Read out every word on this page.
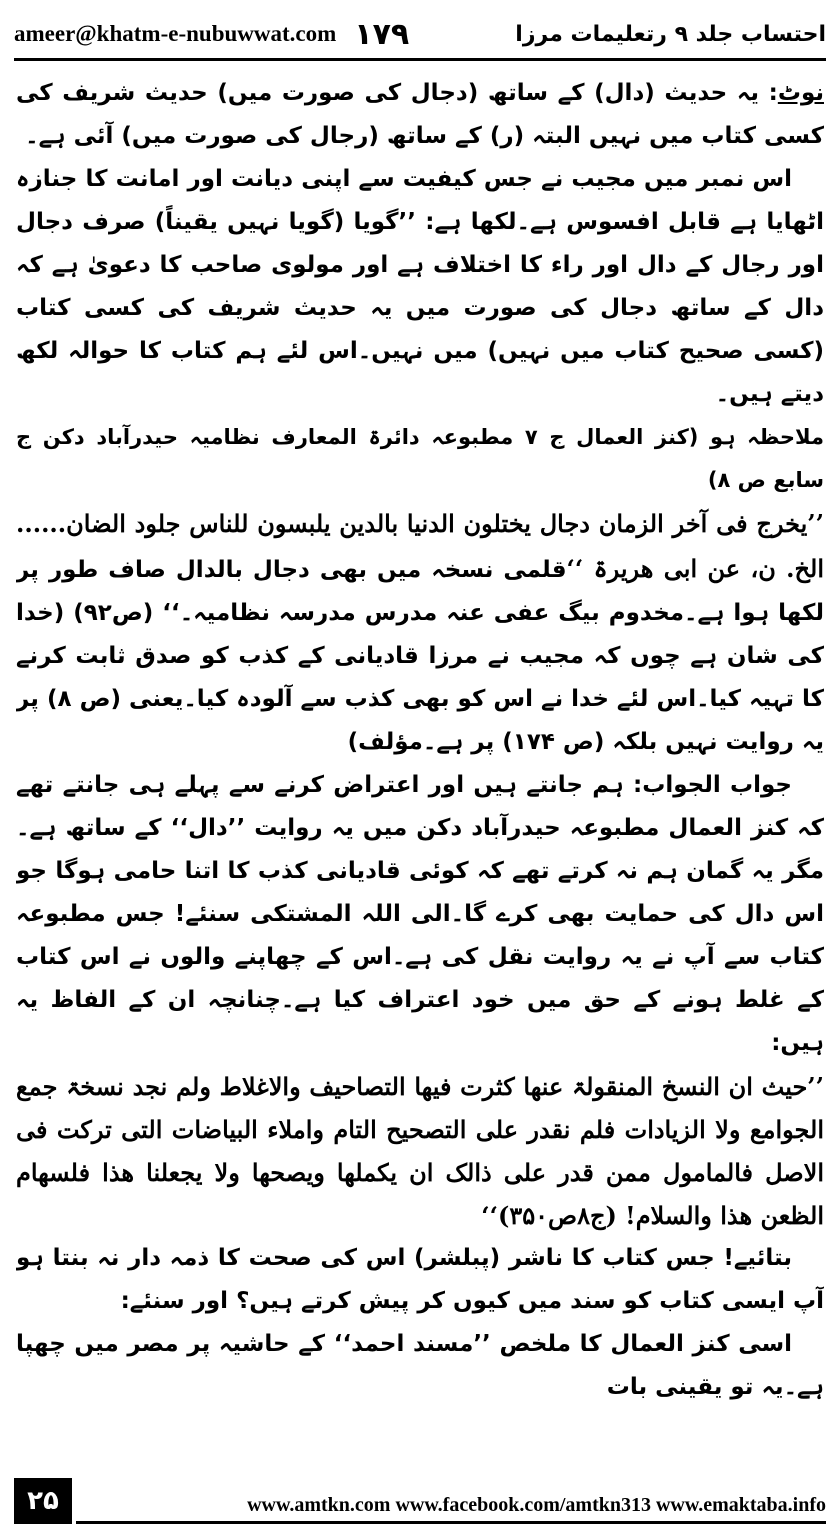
ameer@khatm-e-nubuwwat.com ۱۷۹	احتساب جلد ۹ رتعلیمات مرزا

نوٹ: یہ حدیث (دال) کے ساتھ (دجال کی صورت میں) حدیث شریف کی کسی کتاب میں نہیں البتہ (ر) کے ساتھ (رجال کی صورت میں) آئی ہے۔

اس نمبر میں مجیب نے جس کیفیت سے اپنی دیانت اور امانت کا جنازہ اٹھایا ہے قابل افسوس ہے۔لکھا ہے: ’’گویا (گویا نہیں یقیناً) صرف دجال اور رجال کے دال اور راء کا اختلاف ہے اور مولوی صاحب کا دعویٰ ہے کہ دال کے ساتھ دجال کی صورت میں یہ حدیث شریف کی کسی کتاب (کسی صحیح کتاب میں نہیں) میں نہیں۔اس لئے ہم کتاب کا حوالہ لکھ دیتے ہیں۔

ملاحظہ ہو (کنز العمال ج ۷ مطبوعہ دائرۃ المعارف نظامیہ حیدرآباد دکن ج سابع ص ۸)

’’یخرج فی آخر الزمان دجال یختلون الدنیا بالدین یلبسون للناس جلود الضان...... الخ. ن، عن ابی ھریرۃ ‘‘قلمی نسخہ میں بھی دجال بالدال صاف طور پر لکھا ہوا ہے۔مخدوم بیگ عفی عنہ مدرس مدرسہ نظامیہ۔‘‘ (ص۹۲) (خدا کی شان ہے چوں کہ مجیب نے مرزا قادیانی کے کذب کو صدق ثابت کرنے کا تہیہ کیا۔اس لئے خدا نے اس کو بھی کذب سے آلودہ کیا۔یعنی (ص ۸) پر یہ روایت نہیں بلکہ (ص ۱۷۴) پر ہے۔مؤلف)

جواب الجواب: ہم جانتے ہیں اور اعتراض کرنے سے پہلے ہی جانتے تھے کہ کنز العمال مطبوعہ حیدرآباد دکن میں یہ روایت ’’دال‘‘ کے ساتھ ہے۔مگر یہ گمان ہم نہ کرتے تھے کہ کوئی قادیانی کذب کا اتنا حامی ہوگا جو اس دال کی حمایت بھی کرے گا۔الی اللہ المشتکی سنئے! جس مطبوعہ کتاب سے آپ نے یہ روایت نقل کی ہے۔اس کے چھاپنے والوں نے اس کتاب کے غلط ہونے کے حق میں خود اعتراف کیا ہے۔چنانچہ ان کے الفاظ یہ ہیں:

’’حیث ان النسخ المنقولۃ عنھا کثرت فیھا التصاحیف والاغلاط ولم نجد نسخۃ جمع الجوامع ولا الزیادات فلم نقدر علی التصحیح التام واملاء البیاضات التی ترکت فی الاصل فالمامول ممن قدر علی ذالک ان یکملھا ویصحھا ولا یجعلنا ھذا فلسھام الظعن ھذا والسلام! (ج۸ص۳۵۰)‘‘

بتائیے! جس کتاب کا ناشر (پبلشر) اس کی صحت کا ذمہ دار نہ بنتا ہو آپ ایسی کتاب کو سند میں کیوں کر پیش کرتے ہیں؟ اور سنئے:

اسی کنز العمال کا ملخص ’’مسند احمد‘‘ کے حاشیہ پر مصر میں چھپا ہے۔یہ تو یقینی بات

۲۵	www.amtkn.com www.facebook.com/amtkn313 www.emaktaba.info
